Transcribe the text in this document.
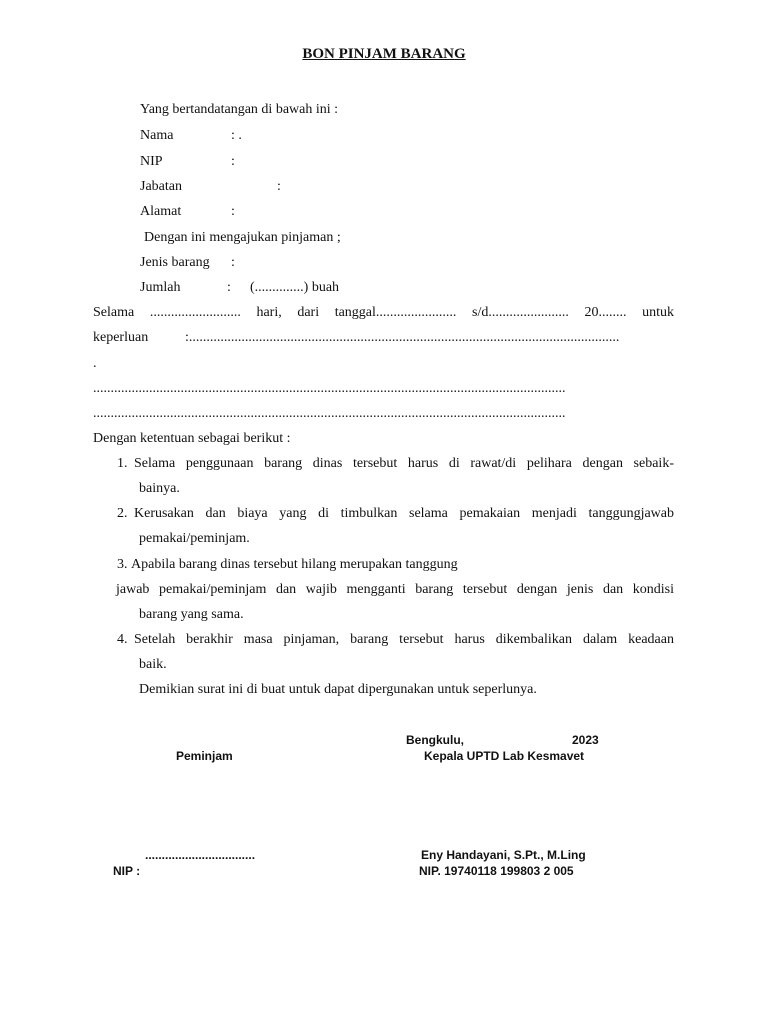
BON PINJAM BARANG
Yang bertandatangan di bawah ini :
Nama	: .
NIP	:
Jabatan	:
Alamat	:
Dengan ini mengajukan pinjaman ;
Jenis barang :
Jumlah	: (..............) buah
Selama .......................... hari, dari tanggal....................... s/d....................... 20........ untuk
keperluan	:...........................................................................................................................
.
.......................................................................................................................................
.......................................................................................................................................
Dengan ketentuan sebagai berikut :
1. Selama penggunaan barang dinas tersebut harus di rawat/di pelihara dengan sebaik-
bainya.
2. Kerusakan dan biaya yang di timbulkan selama pemakaian menjadi tanggungjawab
pemakai/peminjam.
3. Apabila barang dinas tersebut hilang merupakan tanggung
jawab pemakai/peminjam dan wajib mengganti barang tersebut dengan jenis dan kondisi
barang yang sama.
4. Setelah berakhir masa pinjaman, barang tersebut harus dikembalikan dalam keadaan
baik.
Demikian surat ini di buat untuk dapat dipergunakan untuk seperlunya.
Bengkulu,	2023
Peminjam	Kepala UPTD Lab Kesmavet
.................................	Eny Handayani, S.Pt., M.Ling
NIP :	NIP. 19740118 199803 2 005
